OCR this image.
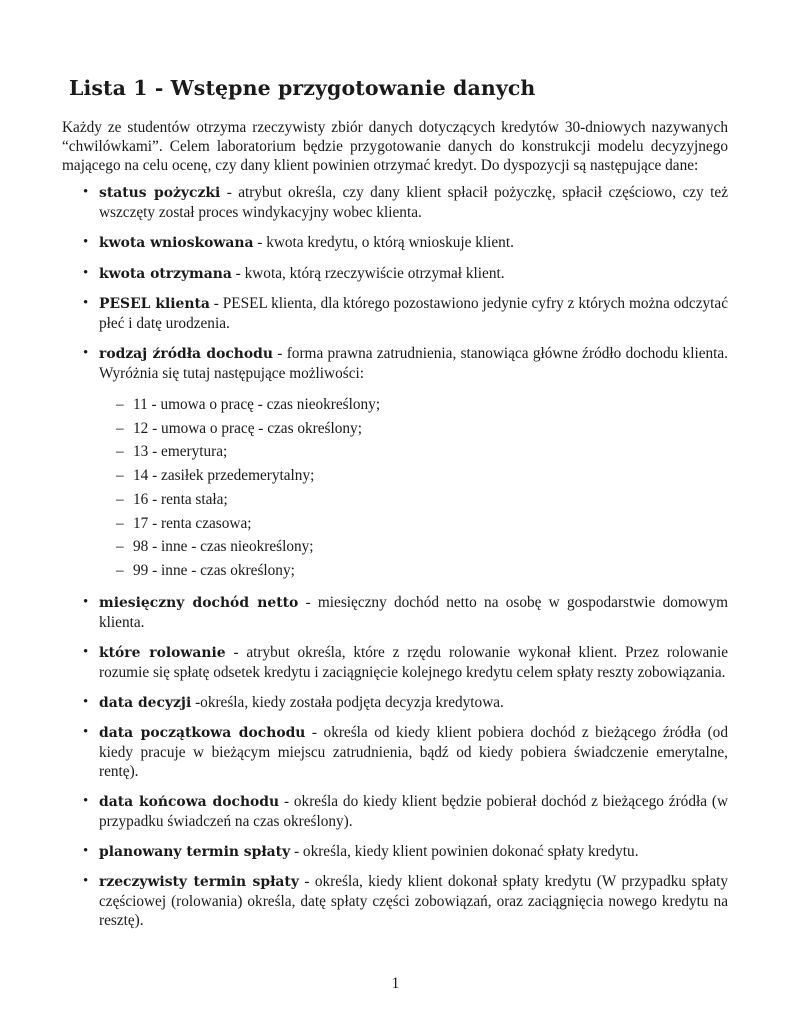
Lista 1 - Wstępne przygotowanie danych

Każdy ze studentów otrzyma rzeczywisty zbiór danych dotyczących kredytów 30-dniowych nazywanych “chwilówkami”. Celem laboratorium będzie przygotowanie danych do konstrukcji modelu decyzyjnego mającego na celu ocenę, czy dany klient powinien otrzymać kredyt. Do dyspozycji są następujące dane:

• status pożyczki - atrybut określa, czy dany klient spłacił pożyczkę, spłacił częściowo, czy też wszczęty został proces windykacyjny wobec klienta.
• kwota wnioskowana - kwota kredytu, o którą wnioskuje klient.
• kwota otrzymana - kwota, którą rzeczywiście otrzymał klient.
• PESEL klienta - PESEL klienta, dla którego pozostawiono jedynie cyfry z których można odczytać płeć i datę urodzenia.
• rodzaj źródła dochodu - forma prawna zatrudnienia, stanowiąca główne źródło dochodu klienta. Wyróżnia się tutaj następujące możliwości:
– 11 - umowa o pracę - czas nieokreślony;
– 12 - umowa o pracę - czas określony;
– 13 - emerytura;
– 14 - zasiłek przedemerytalny;
– 16 - renta stała;
– 17 - renta czasowa;
– 98 - inne - czas nieokreślony;
– 99 - inne - czas określony;
• miesięczny dochód netto - miesięczny dochód netto na osobę w gospodarstwie domowym klienta.
• które rolowanie - atrybut określa, które z rzędu rolowanie wykonał klient. Przez rolowanie rozumie się spłatę odsetek kredytu i zaciągnięcie kolejnego kredytu celem spłaty reszty zobowiązania.
• data decyzji -określa, kiedy została podjęta decyzja kredytowa.
• data początkowa dochodu - określa od kiedy klient pobiera dochód z bieżącego źródła (od kiedy pracuje w bieżącym miejscu zatrudnienia, bądź od kiedy pobiera świadczenie emerytalne, rentę).
• data końcowa dochodu - określa do kiedy klient będzie pobierał dochód z bieżącego źródła (w przypadku świadczeń na czas określony).
• planowany termin spłaty - określa, kiedy klient powinien dokonać spłaty kredytu.
• rzeczywisty termin spłaty - określa, kiedy klient dokonał spłaty kredytu (W przypadku spłaty częściowej (rolowania) określa, datę spłaty części zobowiązań, oraz zaciągnięcia nowego kredytu na resztę).
1
